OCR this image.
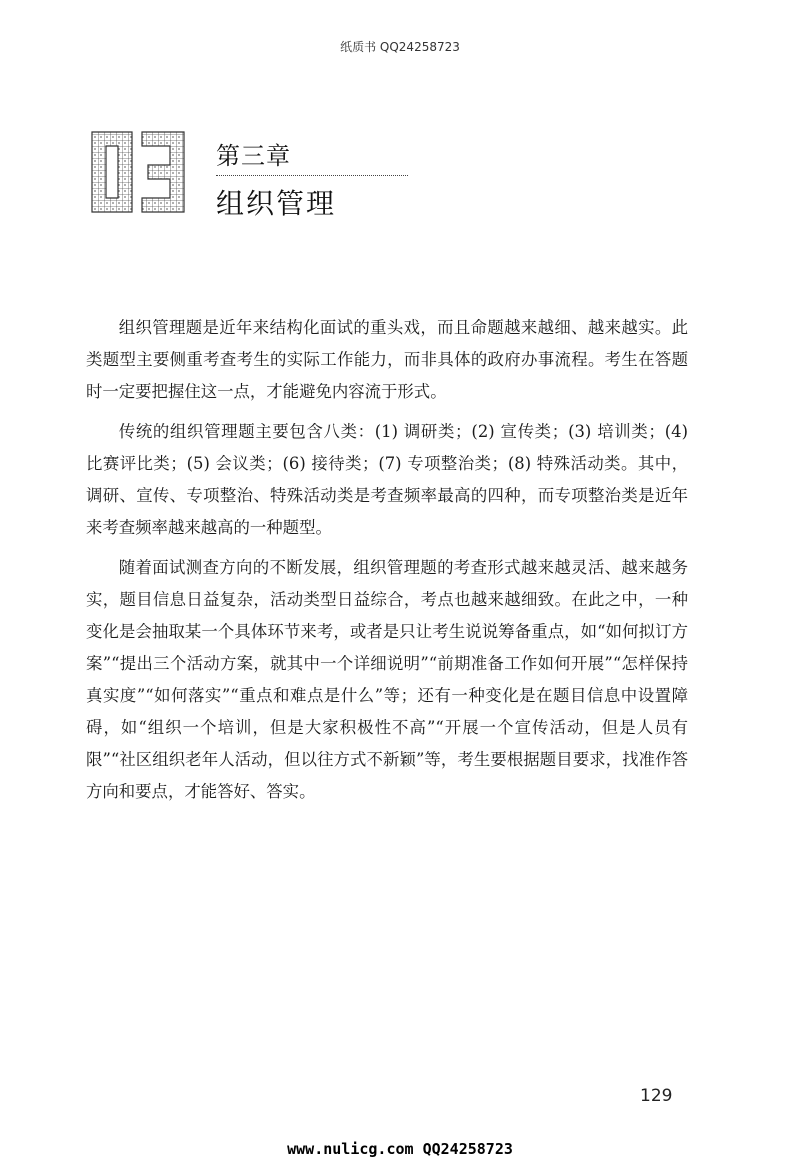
纸质书 QQ24258723
第三章
组织管理

组织管理题是近年来结构化面试的重头戏，而且命题越来越细、越来越实。此类题型主要侧重考查考生的实际工作能力，而非具体的政府办事流程。考生在答题时一定要把握住这一点，才能避免内容流于形式。

传统的组织管理题主要包含八类：(1) 调研类；(2) 宣传类；(3) 培训类；(4) 比赛评比类；(5) 会议类；(6) 接待类；(7) 专项整治类；(8) 特殊活动类。其中，调研、宣传、专项整治、特殊活动类是考查频率最高的四种，而专项整治类是近年来考查频率越来越高的一种题型。

随着面试测查方向的不断发展，组织管理题的考查形式越来越灵活、越来越务实，题目信息日益复杂，活动类型日益综合，考点也越来越细致。在此之中，一种变化是会抽取某一个具体环节来考，或者是只让考生说说筹备重点，如“如何拟订方案”“提出三个活动方案，就其中一个详细说明”“前期准备工作如何开展”“怎样保持真实度”“如何落实”“重点和难点是什么”等；还有一种变化是在题目信息中设置障碍，如“组织一个培训，但是大家积极性不高”“开展一个宣传活动，但是人员有限”“社区组织老年人活动，但以往方式不新颖”等，考生要根据题目要求，找准作答方向和要点，才能答好、答实。

129
www.nulicg.com QQ24258723
